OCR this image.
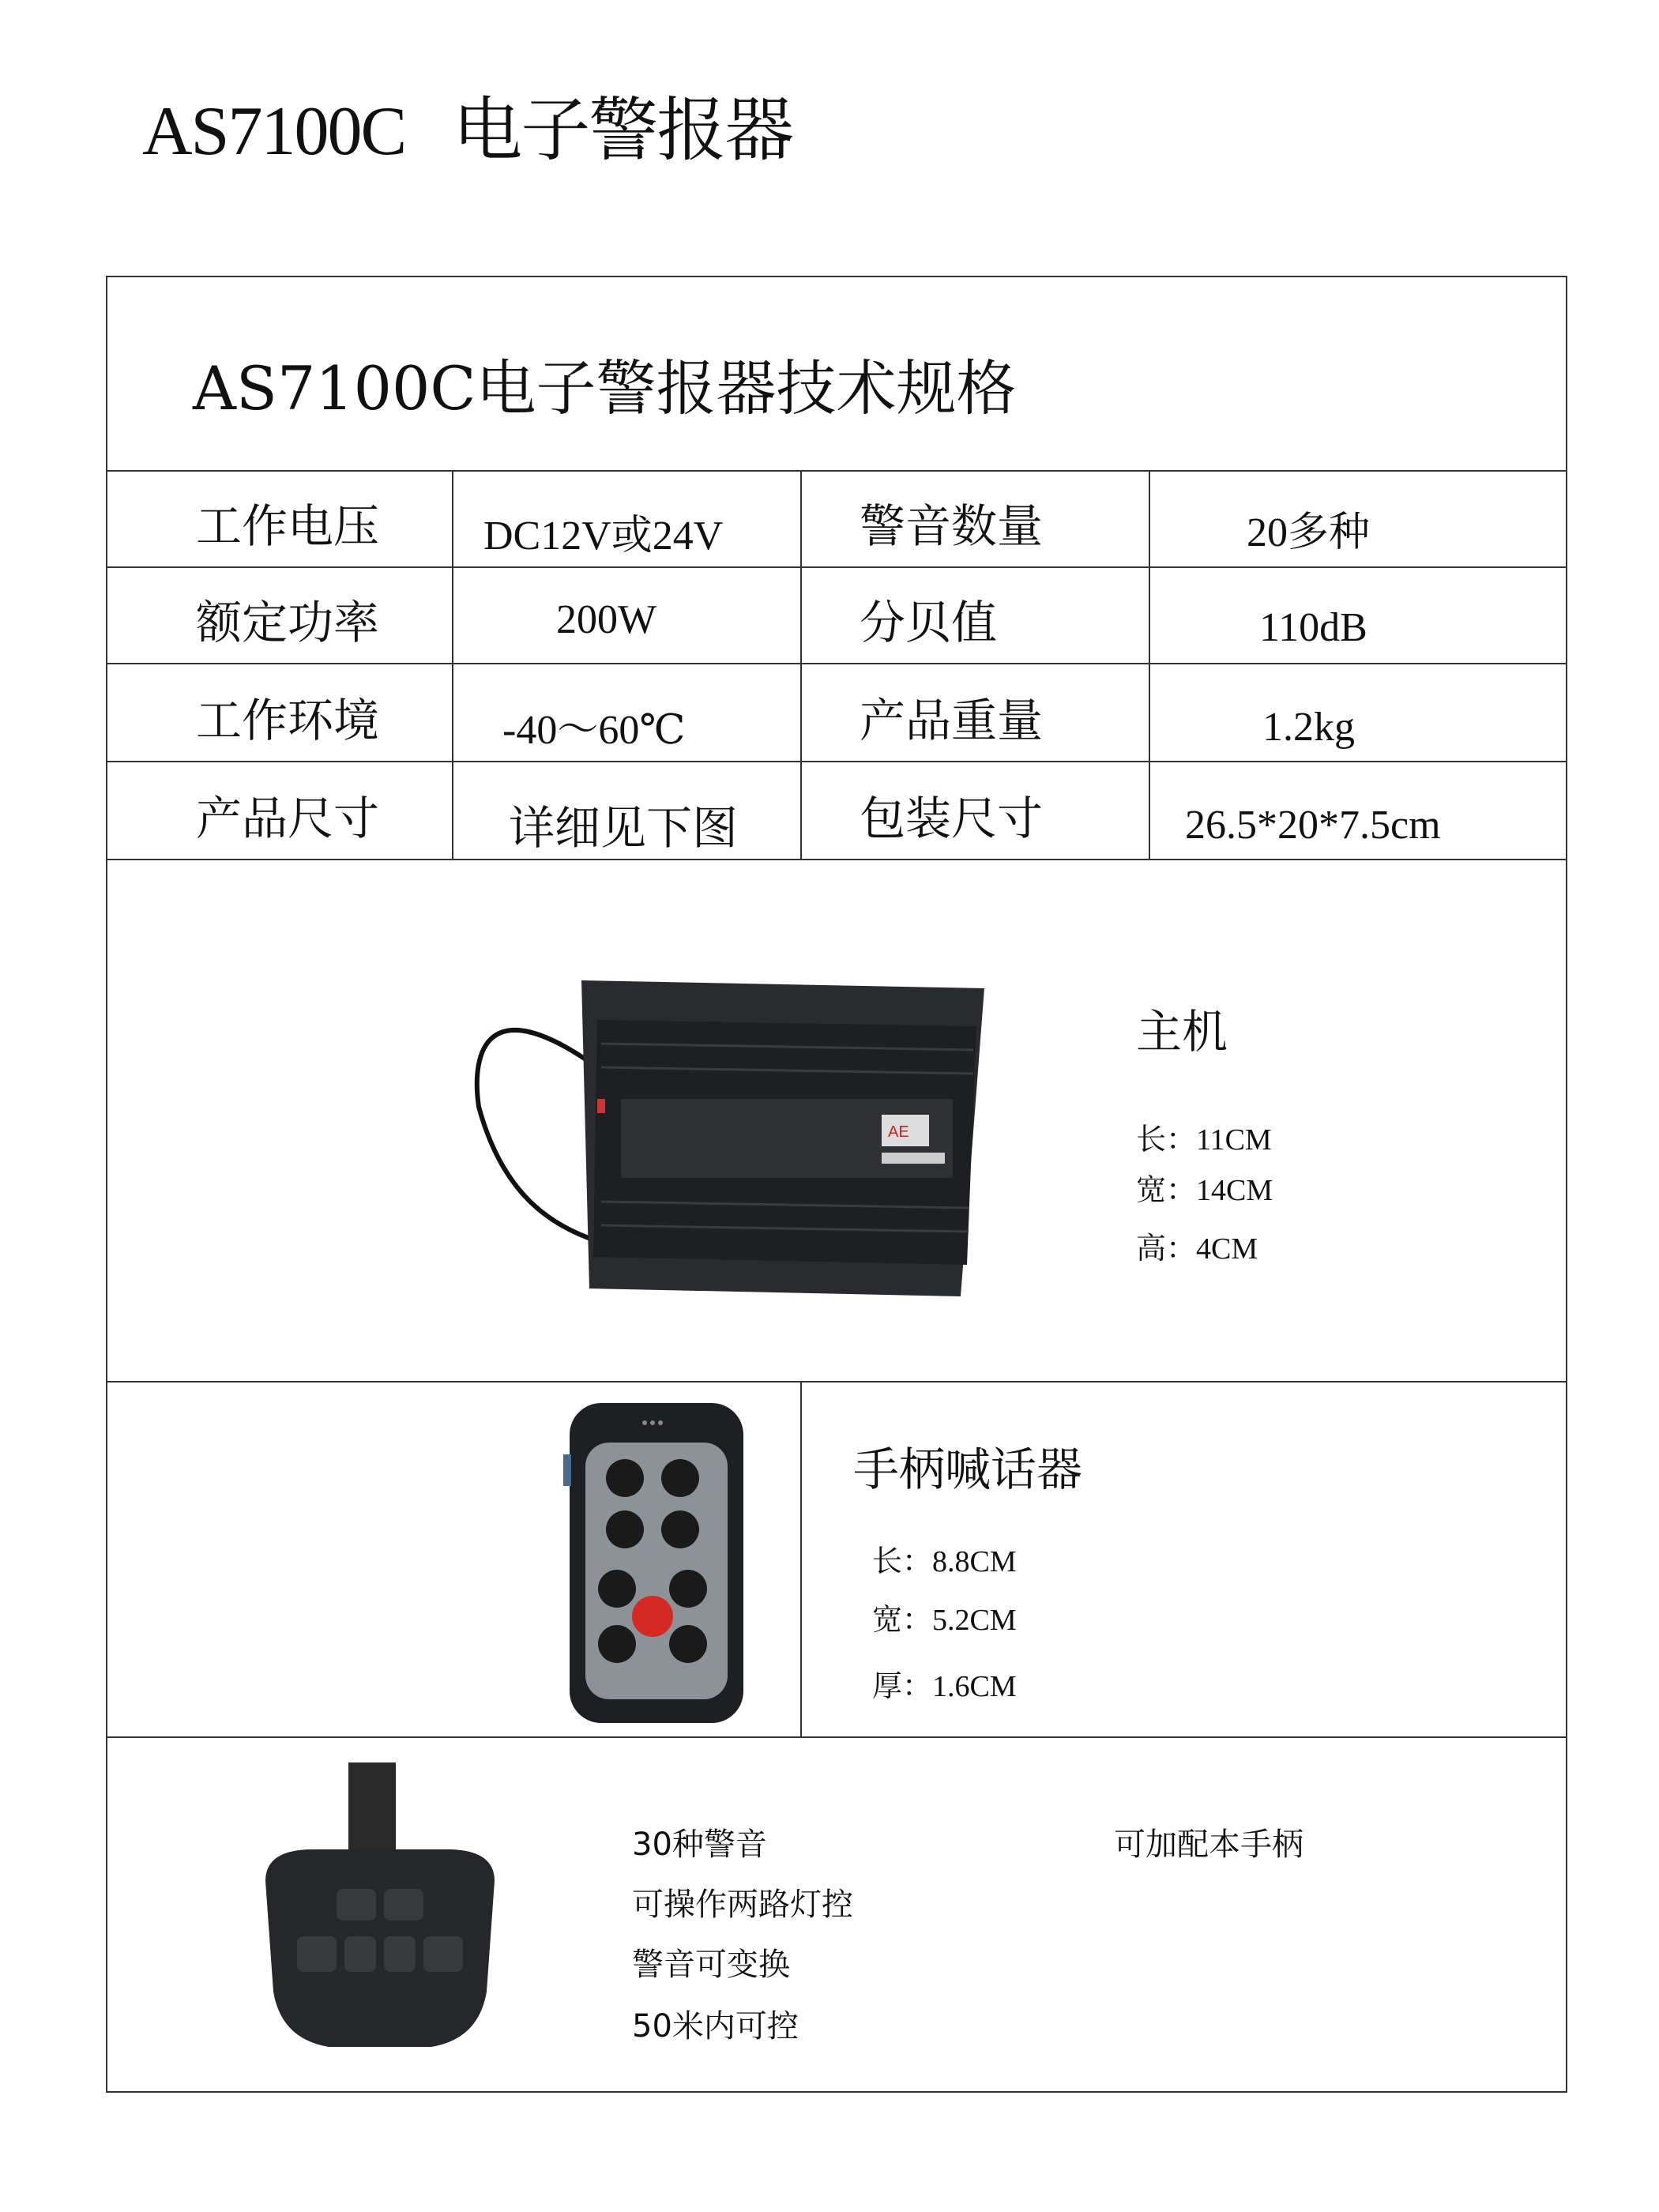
AS7100C   电子警报器
AS7100C电子警报器技术规格
工作电压	DC12V或24V	警音数量	20多种
额定功率	200W	分贝值	110dB
工作环境	-40～60℃	产品重量	1.2kg
产品尺寸	详细见下图	包装尺寸	26.5*20*7.5cm
AE
主机
长：11CM
宽：14CM
高：4CM
手柄喊话器
长：8.8CM
宽：5.2CM
厚：1.6CM
30种警音
可操作两路灯控
警音可变换
50米内可控
可加配本手柄
